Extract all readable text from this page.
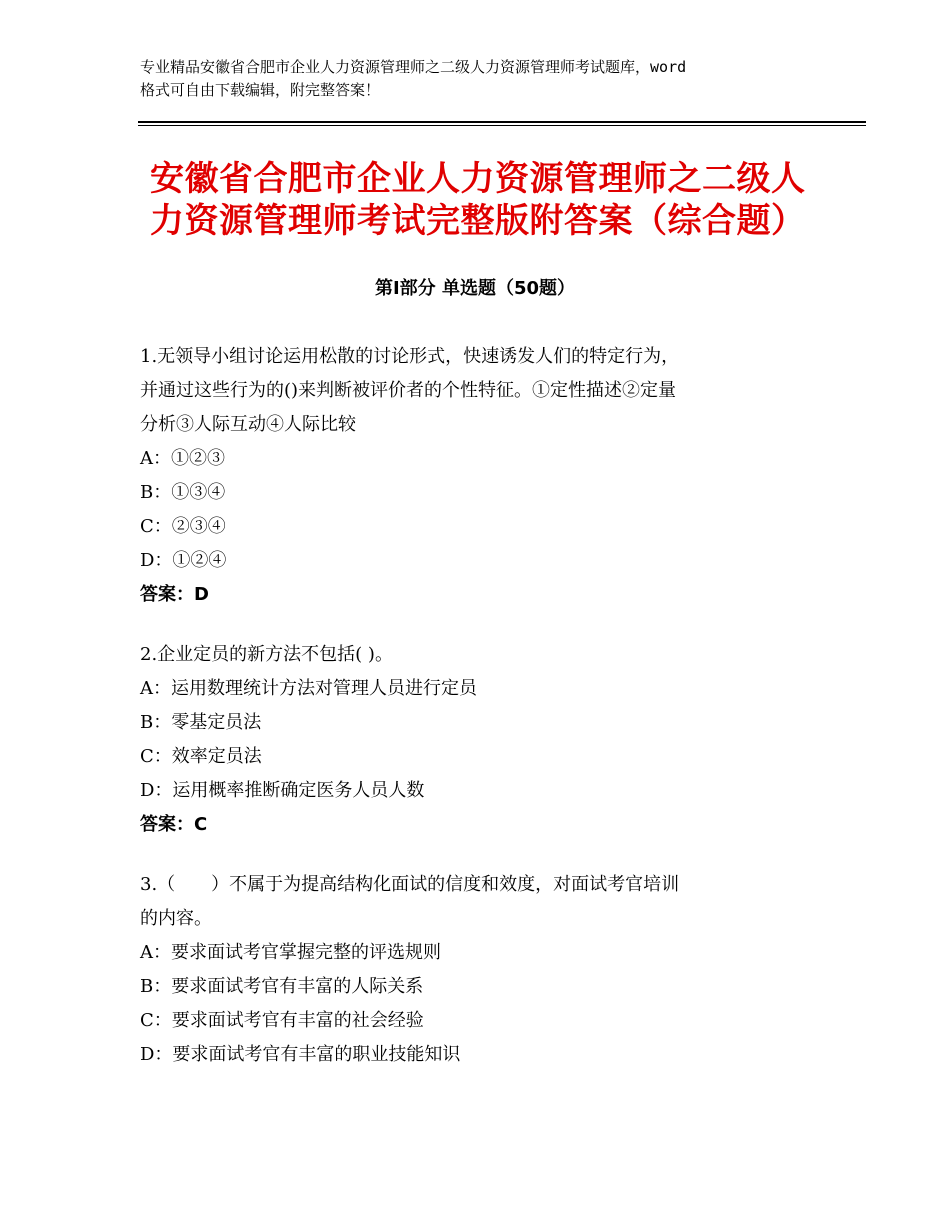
专业精品安徽省合肥市企业人力资源管理师之二级人力资源管理师考试题库，word
格式可自由下载编辑，附完整答案！
安徽省合肥市企业人力资源管理师之二级人
力资源管理师考试完整版附答案（综合题）
第Ⅰ部分 单选题（50题）
1.无领导小组讨论运用松散的讨论形式，快速诱发人们的特定行为，
并通过这些行为的()来判断被评价者的个性特征。①定性描述②定量
分析③人际互动④人际比较
A：①②③
B：①③④
C：②③④
D：①②④
答案：D
2.企业定员的新方法不包括( )。
A：运用数理统计方法对管理人员进行定员
B：零基定员法
C：效率定员法
D：运用概率推断确定医务人员人数
答案：C
3.（　　）不属于为提高结构化面试的信度和效度，对面试考官培训
的内容。
A：要求面试考官掌握完整的评选规则
B：要求面试考官有丰富的人际关系
C：要求面试考官有丰富的社会经验
D：要求面试考官有丰富的职业技能知识
